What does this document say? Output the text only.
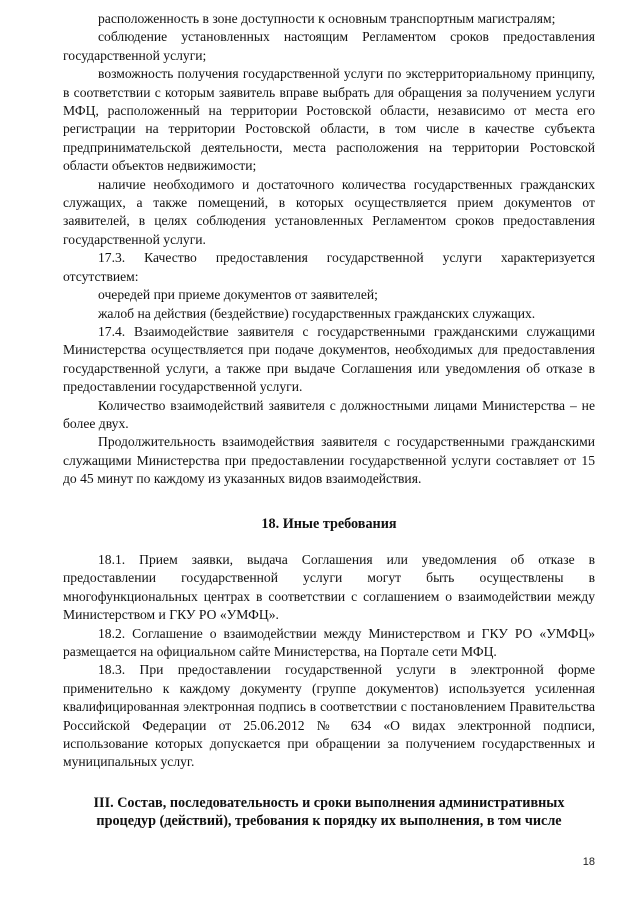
расположенность в зоне доступности к основным транспортным магистралям;

соблюдение установленных настоящим Регламентом сроков предоставления государственной услуги;

возможность получения государственной услуги по экстерриториальному принципу, в соответствии с которым заявитель вправе выбрать для обращения за получением услуги МФЦ, расположенный на территории Ростовской области, независимо от места его регистрации на территории Ростовской области, в том числе в качестве субъекта предпринимательской деятельности, места расположения на территории Ростовской области объектов недвижимости;

наличие необходимого и достаточного количества государственных гражданских служащих, а также помещений, в которых осуществляется прием документов от заявителей, в целях соблюдения установленных Регламентом сроков предоставления государственной услуги.

17.3. Качество предоставления государственной услуги характеризуется отсутствием:

очередей при приеме документов от заявителей;

жалоб на действия (бездействие) государственных гражданских служащих.

17.4. Взаимодействие заявителя с государственными гражданскими служащими Министерства осуществляется при подаче документов, необходимых для предоставления государственной услуги, а также при выдаче Соглашения или уведомления об отказе в предоставлении государственной услуги.

Количество взаимодействий заявителя с должностными лицами Министерства – не более двух.

Продолжительность взаимодействия заявителя с государственными гражданскими служащими Министерства при предоставлении государственной услуги составляет от 15 до 45 минут по каждому из указанных видов взаимодействия.

18. Иные требования

18.1. Прием заявки, выдача Соглашения или уведомления об отказе в предоставлении государственной услуги могут быть осуществлены в многофункциональных центрах в соответствии с соглашением о взаимодействии между Министерством и ГКУ РО «УМФЦ».

18.2. Соглашение о взаимодействии между Министерством и ГКУ РО «УМФЦ» размещается на официальном сайте Министерства, на Портале сети МФЦ.

18.3. При предоставлении государственной услуги в электронной форме применительно к каждому документу (группе документов) используется усиленная квалифицированная электронная подпись в соответствии с постановлением Правительства Российской Федерации от 25.06.2012 № 634 «О видах электронной подписи, использование которых допускается при обращении за получением государственных и муниципальных услуг.

III. Состав, последовательность и сроки выполнения административных процедур (действий), требования к порядку их выполнения, в том числе
18
